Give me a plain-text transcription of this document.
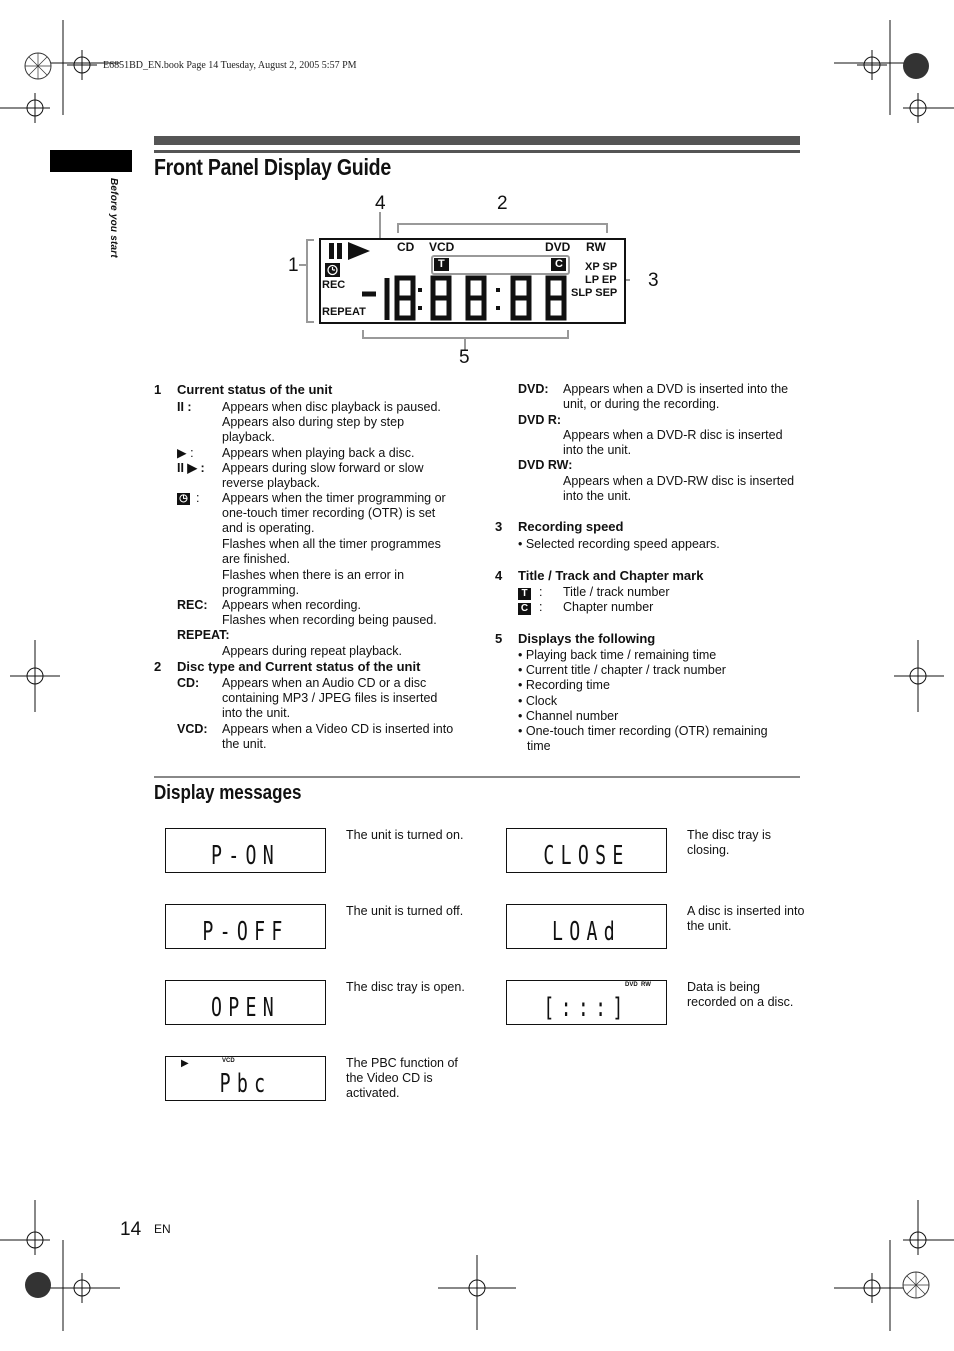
E6851BD_EN.book Page 14 Tuesday, August 2, 2005 5:57 PM
Before you start
Front Panel Display Guide
4	2
1
3
5
CD VCD	DVD RW
REC
REPEAT
XP SP
LP EP
SLP SEP
T	C
1 Current status of the unit
II : Appears when disc playback is paused. Appears also during step by step playback.
▶ : Appears when playing back a disc.
II ▶ : Appears during slow forward or slow reverse playback.
◷ : Appears when the timer programming or one-touch timer recording (OTR) is set and is operating.
Flashes when all the timer programmes are finished.
Flashes when there is an error in programming.
REC: Appears when recording.
Flashes when recording being paused.
REPEAT:
Appears during repeat playback.
2 Disc type and Current status of the unit
CD: Appears when an Audio CD or a disc containing MP3 / JPEG files is inserted into the unit.
VCD: Appears when a Video CD is inserted into the unit.
DVD: Appears when a DVD is inserted into the unit, or during the recording.
DVD R:
Appears when a DVD-R disc is inserted into the unit.
DVD RW:
Appears when a DVD-RW disc is inserted into the unit.
3 Recording speed
• Selected recording speed appears.
4 Title / Track and Chapter mark
T : Title / track number
C : Chapter number
5 Displays the following
• Playing back time / remaining time
• Current title / chapter / track number
• Recording time
• Clock
• Channel number
• One-touch timer recording (OTR) remaining time
Display messages
P-ON
The unit is turned on.
P-OFF
The unit is turned off.
OPEN
The disc tray is open.
▶	VCD
Pbc
The PBC function of the Video CD is activated.
CLOSE
The disc tray is closing.
LOAd
A disc is inserted into the unit.
DVD  RW
[:::]
Data is being recorded on a disc.
14 EN
